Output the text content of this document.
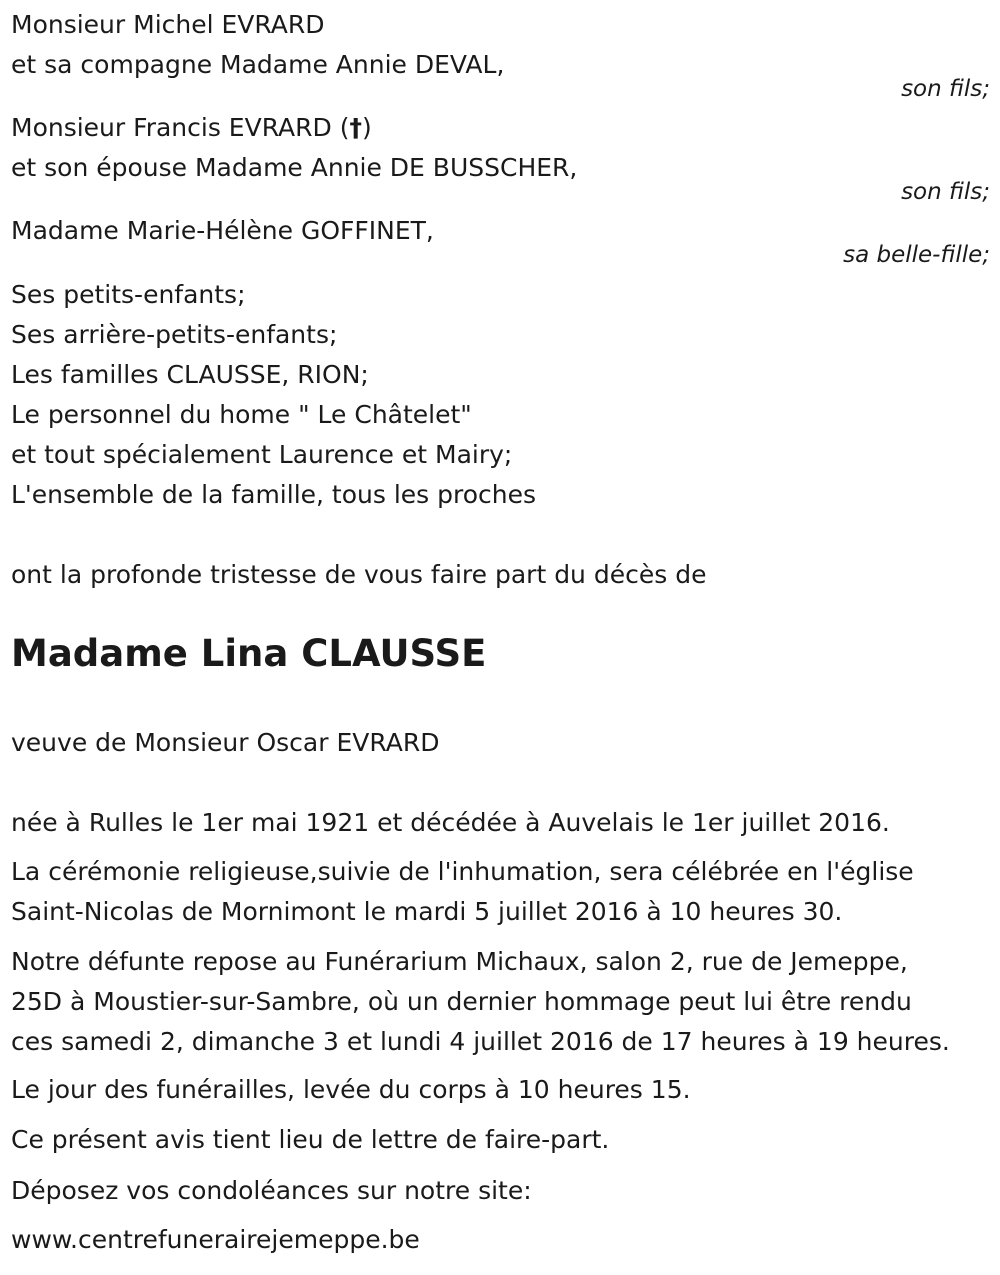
Monsieur Michel EVRARD
et sa compagne Madame Annie DEVAL,
son fils;
Monsieur Francis EVRARD (†)
et son épouse Madame Annie DE BUSSCHER,
son fils;
Madame Marie-Hélène GOFFINET,
sa belle-fille;
Ses petits-enfants;
Ses arrière-petits-enfants;
Les familles CLAUSSE, RION;
Le personnel du home " Le Châtelet"
et tout spécialement Laurence et Mairy;
L'ensemble de la famille, tous les proches
ont la profonde tristesse de vous faire part du décès de
Madame Lina CLAUSSE
veuve de Monsieur Oscar EVRARD
née à Rulles le 1er mai 1921 et décédée à Auvelais le 1er juillet 2016.
La cérémonie religieuse,suivie de l'inhumation, sera célébrée en l'église
Saint-Nicolas de Mornimont le mardi 5 juillet 2016 à 10 heures 30.
Notre défunte repose au Funérarium Michaux, salon 2, rue de Jemeppe,
25D à Moustier-sur-Sambre, où un dernier hommage peut lui être rendu
ces samedi 2, dimanche 3 et lundi 4 juillet 2016 de 17 heures à 19 heures.
Le jour des funérailles, levée du corps à 10 heures 15.
Ce présent avis tient lieu de lettre de faire-part.
Déposez vos condoléances sur notre site:
www.centrefunerairejemeppe.be
